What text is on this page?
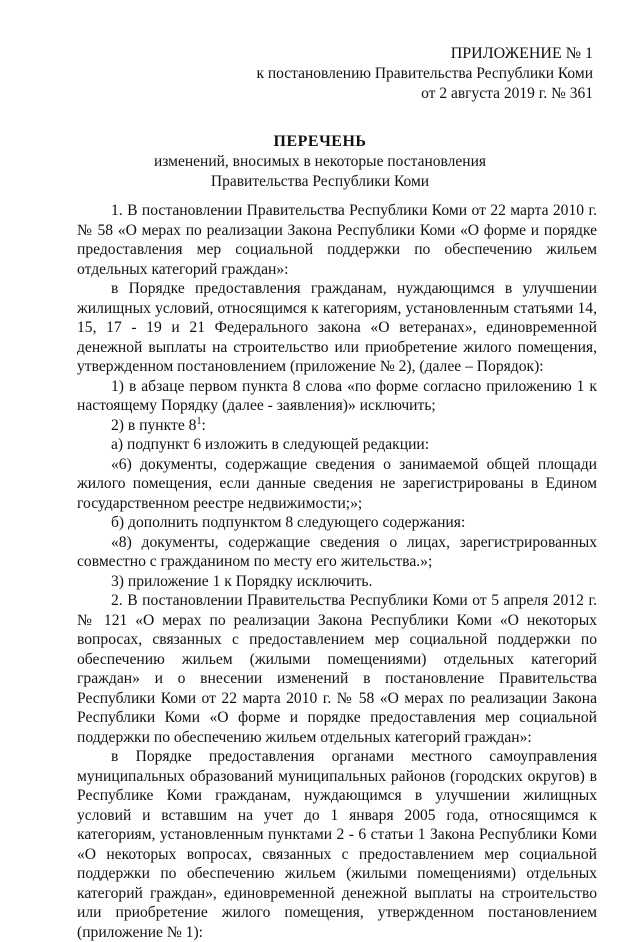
ПРИЛОЖЕНИЕ № 1
к постановлению Правительства Республики Коми
от 2 августа 2019 г. № 361
ПЕРЕЧЕНЬ
изменений, вносимых в некоторые постановления
Правительства Республики Коми

1. В постановлении Правительства Республики Коми от 22 марта 2010 г. № 58 «О мерах по реализации Закона Республики Коми «О форме и порядке предоставления мер социальной поддержки по обеспечению жильем отдельных категорий граждан»:

в Порядке предоставления гражданам, нуждающимся в улучшении жилищных условий, относящимся к категориям, установленным статьями 14, 15, 17 - 19 и 21 Федерального закона «О ветеранах», единовременной денежной выплаты на строительство или приобретение жилого помещения, утвержденном постановлением (приложение № 2), (далее – Порядок):

1) в абзаце первом пункта 8 слова «по форме согласно приложению 1 к настоящему Порядку (далее - заявления)» исключить;

2) в пункте $8^1$:

а) подпункт 6 изложить в следующей редакции:

«6) документы, содержащие сведения о занимаемой общей площади жилого помещения, если данные сведения не зарегистрированы в Едином государственном реестре недвижимости;»;

б) дополнить подпунктом 8 следующего содержания:

«8) документы, содержащие сведения о лицах, зарегистрированных совместно с гражданином по месту его жительства.»;

3) приложение 1 к Порядку исключить.

2. В постановлении Правительства Республики Коми от 5 апреля 2012 г. № 121 «О мерах по реализации Закона Республики Коми «О некоторых вопросах, связанных с предоставлением мер социальной поддержки по обеспечению жильем (жилыми помещениями) отдельных категорий граждан» и о внесении изменений в постановление Правительства Республики Коми от 22 марта 2010 г. № 58 «О мерах по реализации Закона Республики Коми «О форме и порядке предоставления мер социальной поддержки по обеспечению жильем отдельных категорий граждан»:

в Порядке предоставления органами местного самоуправления муниципальных образований муниципальных районов (городских округов) в Республике Коми гражданам, нуждающимся в улучшении жилищных условий и вставшим на учет до 1 января 2005 года, относящимся к категориям, установленным пунктами 2 - 6 статьи 1 Закона Республики Коми «О некоторых вопросах, связанных с предоставлением мер социальной поддержки по обеспечению жильем (жилыми помещениями) отдельных категорий граждан», единовременной денежной выплаты на строительство или приобретение жилого помещения, утвержденном постановлением (приложение № 1):
